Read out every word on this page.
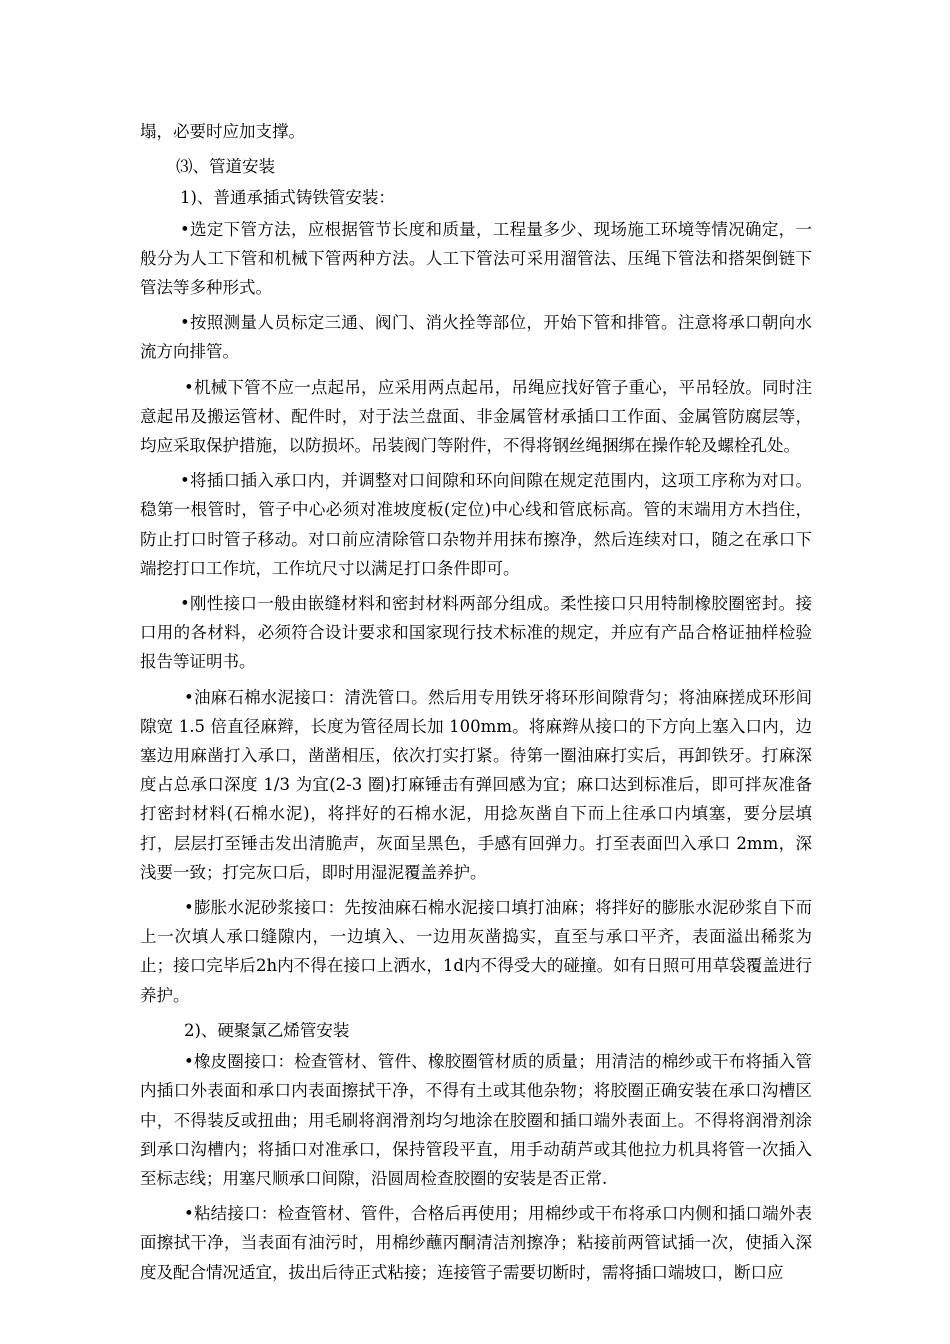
塌，必要时应加支撑。

⑶、管道安装
1)、普通承插式铸铁管安装：

•选定下管方法，应根据管节长度和质量，工程量多少、现场施工环境等情况确定，一般分为人工下管和机械下管两种方法。人工下管法可采用溜管法、压绳下管法和搭架倒链下管法等多种形式。

•按照测量人员标定三通、阀门、消火拴等部位，开始下管和排管。注意将承口朝向水流方向排管。

•机械下管不应一点起吊，应采用两点起吊，吊绳应找好管子重心，平吊轻放。同时注意起吊及搬运管材、配件时，对于法兰盘面、非金属管材承插口工作面、金属管防腐层等，均应采取保护措施，以防损坏。吊装阀门等附件，不得将钢丝绳捆绑在操作轮及螺栓孔处。

•将插口插入承口内，并调整对口间隙和环向间隙在规定范围内，这项工序称为对口。稳第一根管时，管子中心必须对准坡度板(定位)中心线和管底标高。管的末端用方木挡住，防止打口时管子移动。对口前应清除管口杂物并用抹布擦净，然后连续对口，随之在承口下端挖打口工作坑，工作坑尺寸以满足打口条件即可。

•刚性接口一般由嵌缝材料和密封材料两部分组成。柔性接口只用特制橡胶圈密封。接口用的各材料，必须符合设计要求和国家现行技术标准的规定，并应有产品合格证抽样检验报告等证明书。

•油麻石棉水泥接口：清洗管口。然后用专用铁牙将环形间隙背匀；将油麻搓成环形间隙宽 1.5 倍直径麻辫，长度为管径周长加 100mm。将麻辫从接口的下方向上塞入口内，边塞边用麻凿打入承口，凿凿相压，依次打实打紧。待第一圈油麻打实后，再卸铁牙。打麻深度占总承口深度 1/3 为宜(2-3 圈)打麻锤击有弹回感为宜；麻口达到标准后，即可拌灰准备打密封材料(石棉水泥)，将拌好的石棉水泥，用捻灰凿自下而上往承口内填塞，要分层填打，层层打至锤击发出清脆声，灰面呈黑色，手感有回弹力。打至表面凹入承口 2mm，深浅要一致；打完灰口后，即时用湿泥覆盖养护。

•膨胀水泥砂浆接口：先按油麻石棉水泥接口填打油麻；将拌好的膨胀水泥砂浆自下而上一次填人承口缝隙内，一边填入、一边用灰凿捣实，直至与承口平齐，表面溢出稀浆为止；接口完毕后2h内不得在接口上洒水，1d内不得受大的碰撞。如有日照可用草袋覆盖进行养护。

2)、硬聚氯乙烯管安装

•橡皮圈接口：检查管材、管件、橡胶圈管材质的质量；用清洁的棉纱或干布将插入管内插口外表面和承口内表面擦拭干净，不得有土或其他杂物；将胶圈正确安装在承口沟槽区中，不得装反或扭曲；用毛刷将润滑剂均匀地涂在胶圈和插口端外表面上。不得将润滑剂涂到承口沟槽内；将插口对准承口，保持管段平直，用手动葫芦或其他拉力机具将管一次插入至标志线；用塞尺顺承口间隙，沿圆周检查胶圈的安装是否正常.

•粘结接口：检查管材、管件，合格后再使用；用棉纱或干布将承口内侧和插口端外表面擦拭干净，当表面有油污时，用棉纱蘸丙酮清洁剂擦净；粘接前两管试插一次，使插入深度及配合情况适宜，拔出后待正式粘接；连接管子需要切断时，需将插口端坡口，断口应
